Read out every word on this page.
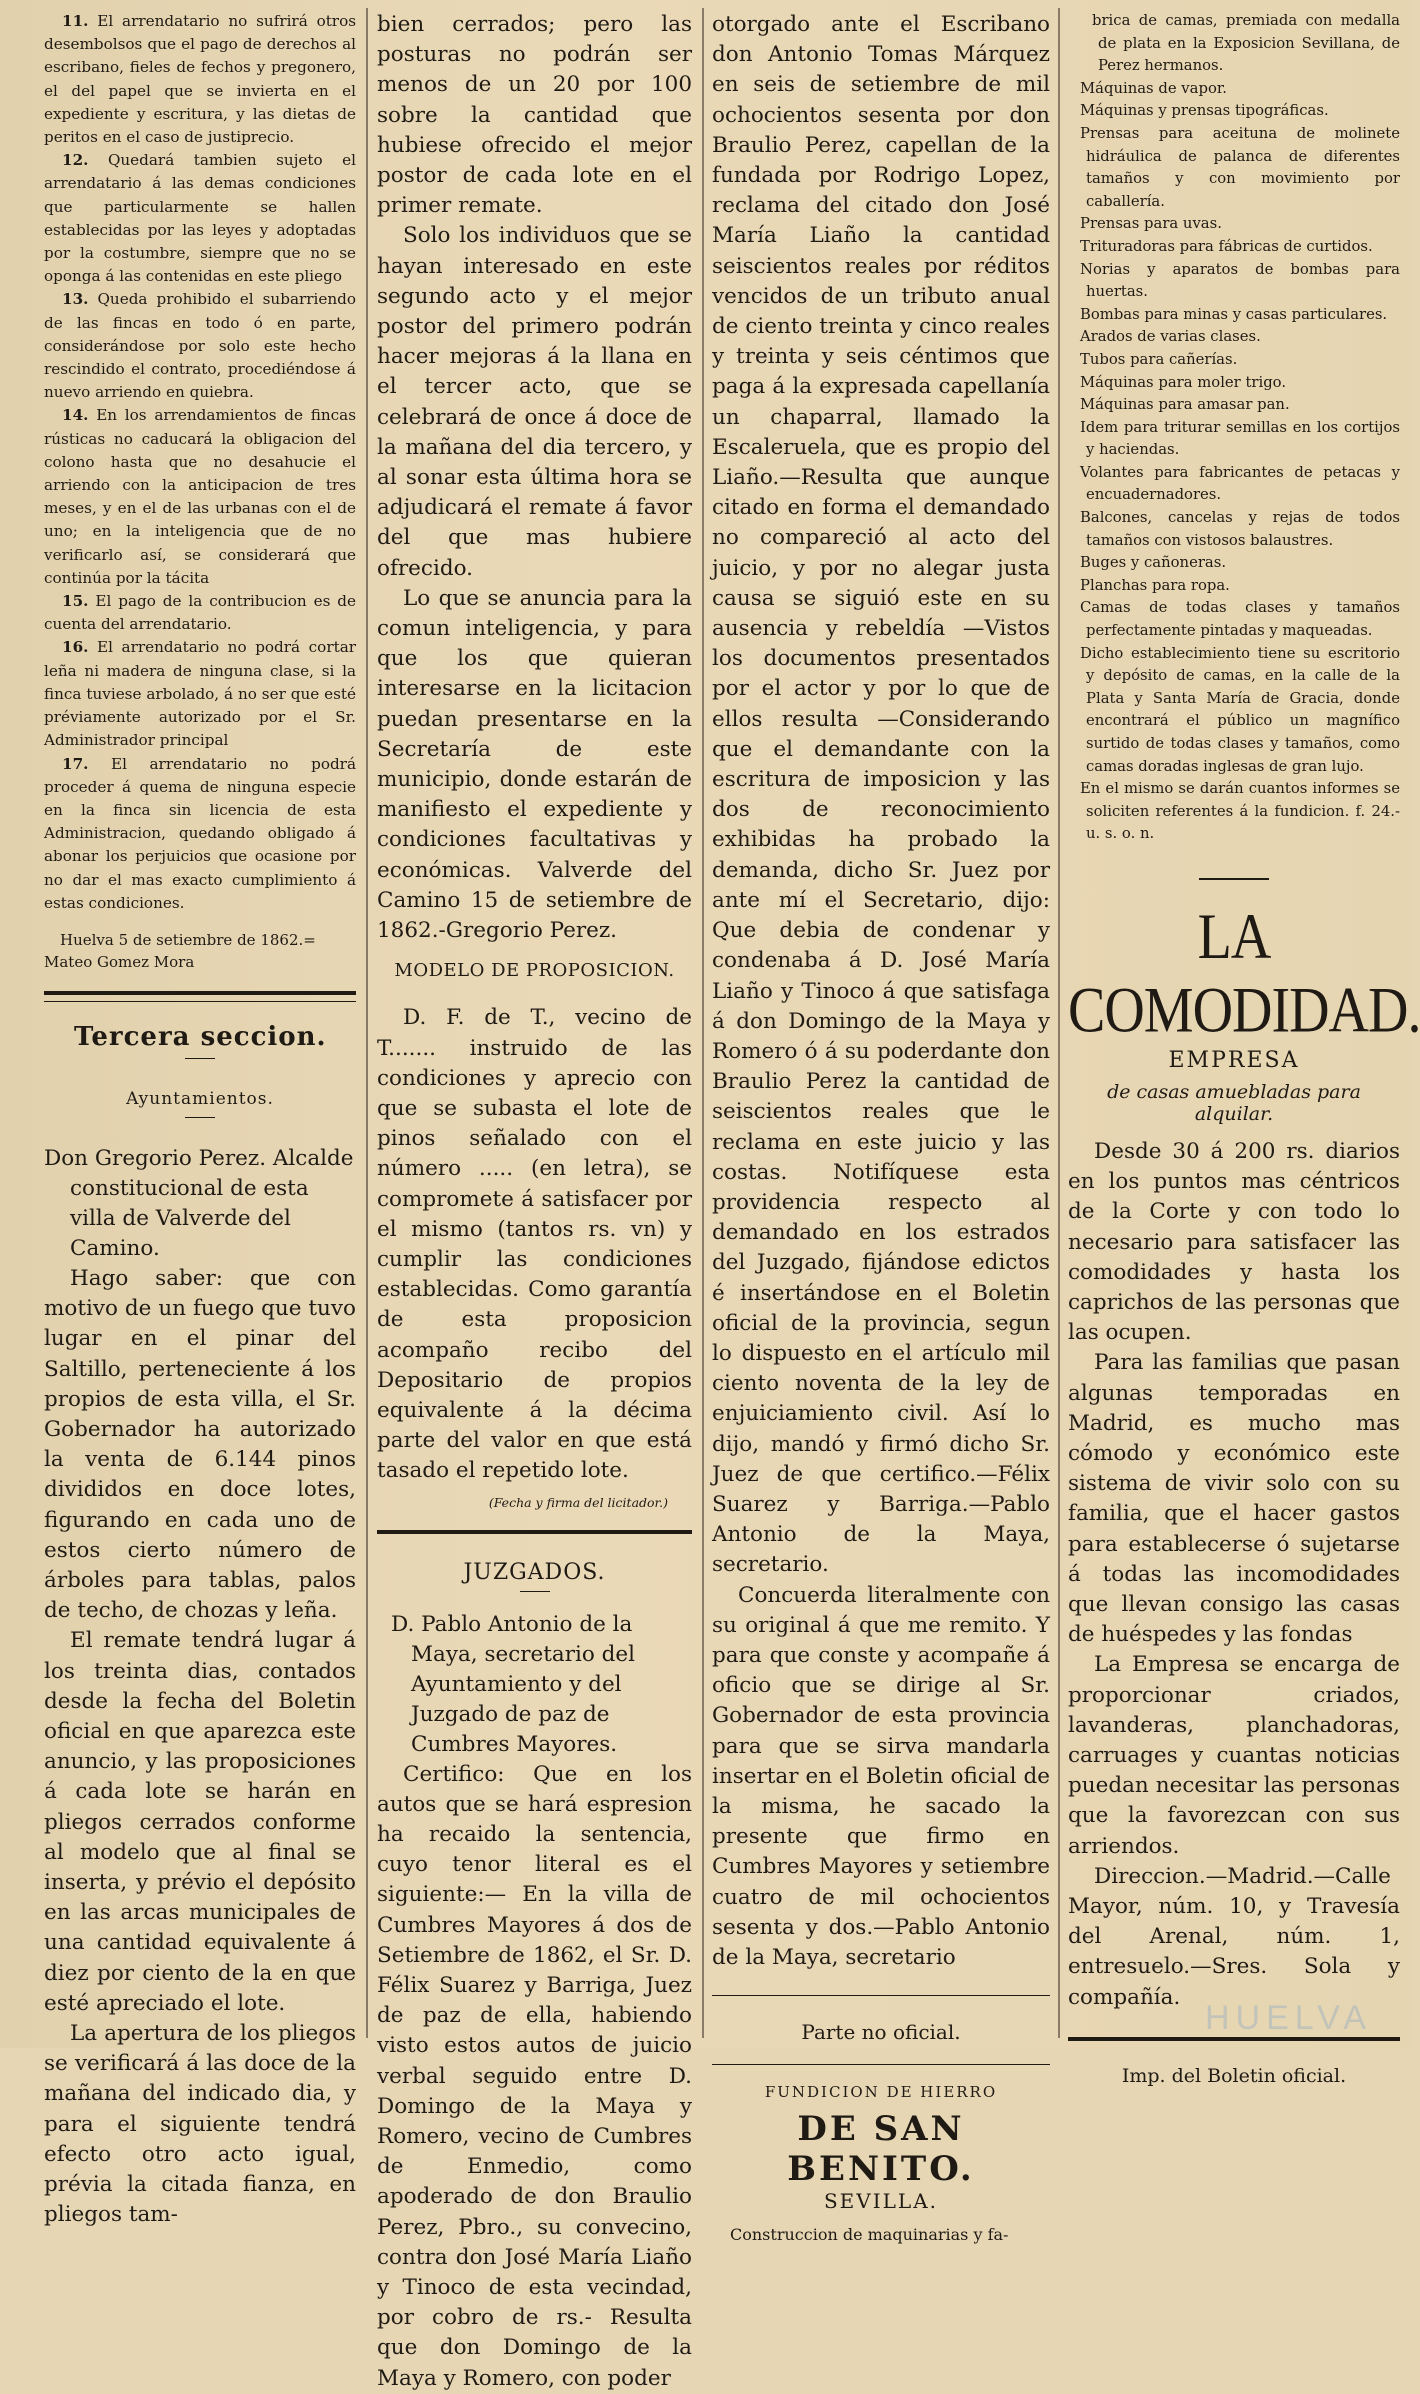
11. El arrendatario no sufrirá otros desembolsos que el pago de derechos al escribano, fieles de fechos y pregonero, el del papel que se invierta en el expediente y escritura, y las dietas de peritos en el caso de justiprecio.

12. Quedará tambien sujeto el arrendatario á las demas condiciones que particularmente se hallen establecidas por las leyes y adoptadas por la costumbre, siempre que no se oponga á las contenidas en este pliego

13. Queda prohibido el subarriendo de las fincas en todo ó en parte, considerándose por solo este hecho rescindido el contrato, procediéndose á nuevo arriendo en quiebra.

14. En los arrendamientos de fincas rústicas no caducará la obligacion del colono hasta que no desahucie el arriendo con la anticipacion de tres meses, y en el de las urbanas con el de uno; en la inteligencia que de no verificarlo así, se considerará que continúa por la tácita

15. El pago de la contribucion es de cuenta del arrendatario.

16. El arrendatario no podrá cortar leña ni madera de ninguna clase, si la finca tuviese arbolado, á no ser que esté préviamente autorizado por el Sr. Administrador principal

17. El arrendatario no podrá proceder á quema de ninguna especie en la finca sin licencia de esta Administracion, quedando obligado á abonar los perjuicios que ocasione por no dar el mas exacto cumplimiento á estas condiciones.

Huelva 5 de setiembre de 1862.= Mateo Gomez Mora

Tercera seccion.
Ayuntamientos.

Don Gregorio Perez. Alcalde constitucional de esta villa de Valverde del Camino.

Hago saber: que con motivo de un fuego que tuvo lugar en el pinar del Saltillo, perteneciente á los propios de esta villa, el Sr. Gobernador ha autorizado la venta de 6.144 pinos divididos en doce lotes, figurando en cada uno de estos cierto número de árboles para tablas, palos de techo, de chozas y leña.

El remate tendrá lugar á los treinta dias, contados desde la fecha del Boletin oficial en que aparezca este anuncio, y las proposiciones á cada lote se harán en pliegos cerrados conforme al modelo que al final se inserta, y prévio el depósito en las arcas municipales de una cantidad equivalente á diez por ciento de la en que esté apreciado el lote.

La apertura de los pliegos se verificará á las doce de la mañana del indicado dia, y para el siguiente tendrá efecto otro acto igual, prévia la citada fianza, en pliegos tam-

bien cerrados; pero las posturas no podrán ser menos de un 20 por 100 sobre la cantidad que hubiese ofrecido el mejor postor de cada lote en el primer remate.

Solo los individuos que se hayan interesado en este segundo acto y el mejor postor del primero podrán hacer mejoras á la llana en el tercer acto, que se celebrará de once á doce de la mañana del dia tercero, y al sonar esta última hora se adjudicará el remate á favor del que mas hubiere ofrecido.

Lo que se anuncia para la comun inteligencia, y para que los que quieran interesarse en la licitacion puedan presentarse en la Secretaría de este municipio, donde estarán de manifiesto el expediente y condiciones facultativas y económicas. Valverde del Camino 15 de setiembre de 1862.-Gregorio Perez.

MODELO DE PROPOSICION.

D. F. de T., vecino de T....... instruido de las condiciones y aprecio con que se subasta el lote de pinos señalado con el número ..... (en letra), se compromete á satisfacer por el mismo (tantos rs. vn) y cumplir las condiciones establecidas. Como garantía de esta proposicion acompaño recibo del Depositario de propios equivalente á la décima parte del valor en que está tasado el repetido lote.

(Fecha y firma del licitador.)

JUZGADOS.

D. Pablo Antonio de la Maya, secretario del Ayuntamiento y del Juzgado de paz de Cumbres Mayores.

Certifico: Que en los autos que se hará espresion ha recaido la sentencia, cuyo tenor literal es el siguiente:— En la villa de Cumbres Mayores á dos de Setiembre de 1862, el Sr. D. Félix Suarez y Barriga, Juez de paz de ella, habiendo visto estos autos de juicio verbal seguido entre D. Domingo de la Maya y Romero, vecino de Cumbres de Enmedio, como apoderado de don Braulio Perez, Pbro., su convecino, contra don José María Liaño y Tinoco de esta vecindad, por cobro de rs.- Resulta que don Domingo de la Maya y Romero, con poder

otorgado ante el Escribano don Antonio Tomas Márquez en seis de setiembre de mil ochocientos sesenta por don Braulio Perez, capellan de la fundada por Rodrigo Lopez, reclama del citado don José María Liaño la cantidad seiscientos reales por réditos vencidos de un tributo anual de ciento treinta y cinco reales y treinta y seis céntimos que paga á la expresada capellanía un chaparral, llamado la Escaleruela, que es propio del Liaño.—Resulta que aunque citado en forma el demandado no compareció al acto del juicio, y por no alegar justa causa se siguió este en su ausencia y rebeldía —Vistos los documentos presentados por el actor y por lo que de ellos resulta —Considerando que el demandante con la escritura de imposicion y las dos de reconocimiento exhibidas ha probado la demanda, dicho Sr. Juez por ante mí el Secretario, dijo: Que debia de condenar y condenaba á D. José María Liaño y Tinoco á que satisfaga á don Domingo de la Maya y Romero ó á su poderdante don Braulio Perez la cantidad de seiscientos reales que le reclama en este juicio y las costas. Notifíquese esta providencia respecto al demandado en los estrados del Juzgado, fijándose edictos é insertándose en el Boletin oficial de la provincia, segun lo dispuesto en el artículo mil ciento noventa de la ley de enjuiciamiento civil. Así lo dijo, mandó y firmó dicho Sr. Juez de que certifico.—Félix Suarez y Barriga.—Pablo Antonio de la Maya, secretario.

Concuerda literalmente con su original á que me remito. Y para que conste y acompañe á oficio que se dirige al Sr. Gobernador de esta provincia para que se sirva mandarla insertar en el Boletin oficial de la misma, he sacado la presente que firmo en Cumbres Mayores y setiembre cuatro de mil ochocientos sesenta y dos.—Pablo Antonio de la Maya, secretario

Parte no oficial.
FUNDICION DE HIERRO
DE SAN BENITO.
SEVILLA.

Construccion de maquinarias y fa-

brica de camas, premiada con medalla de plata en la Exposicion Sevillana, de Perez hermanos.
Máquinas de vapor.
Máquinas y prensas tipográficas.
Prensas para aceituna de molinete hidráulica de palanca de diferentes tamaños y con movimiento por caballería.
Prensas para uvas.
Trituradoras para fábricas de curtidos.
Norias y aparatos de bombas para huertas.
Bombas para minas y casas particulares.
Arados de varias clases.
Tubos para cañerías.
Máquinas para moler trigo.
Máquinas para amasar pan.
Idem para triturar semillas en los cortijos y haciendas.
Volantes para fabricantes de petacas y encuadernadores.
Balcones, cancelas y rejas de todos tamaños con vistosos balaustres.
Buges y cañoneras.
Planchas para ropa.
Camas de todas clases y tamaños perfectamente pintadas y maqueadas.
Dicho establecimiento tiene su escritorio y depósito de camas, en la calle de la Plata y Santa María de Gracia, donde encontrará el público un magnífico surtido de todas clases y tamaños, como camas doradas inglesas de gran lujo.
En el mismo se darán cuantos informes se soliciten referentes á la fundicion. f. 24.-u. s. o. n.
LA COMODIDAD.
EMPRESA
de casas amuebladas para alquilar.

Desde 30 á 200 rs. diarios en los puntos mas céntricos de la Corte y con todo lo necesario para satisfacer las comodidades y hasta los caprichos de las personas que las ocupen.

Para las familias que pasan algunas temporadas en Madrid, es mucho mas cómodo y económico este sistema de vivir solo con su familia, que el hacer gastos para establecerse ó sujetarse á todas las incomodidades que llevan consigo las casas de huéspedes y las fondas

La Empresa se encarga de proporcionar criados, lavanderas, planchadoras, carruages y cuantas noticias puedan necesitar las personas que la favorezcan con sus arriendos.

Direccion.—Madrid.—Calle Mayor, núm. 10, y Travesía del Arenal, núm. 1, entresuelo.—Sres. Sola y compañía.

Imp. del Boletin oficial.
HUELVA
